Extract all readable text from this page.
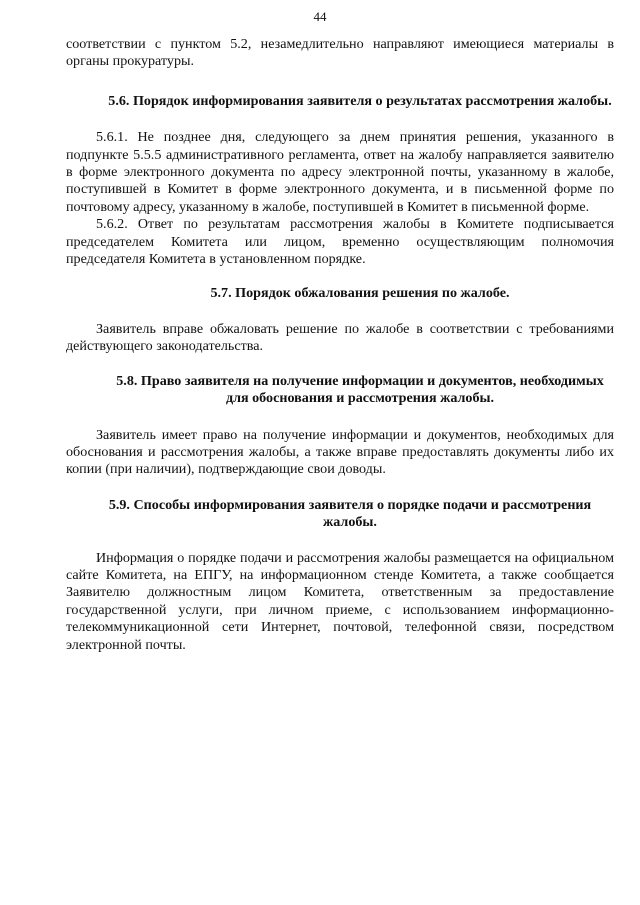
44

соответствии с пунктом 5.2, незамедлительно направляют имеющиеся материалы в органы прокуратуры.

5.6. Порядок информирования заявителя о результатах рассмотрения жалобы.

5.6.1. Не позднее дня, следующего за днем принятия решения, указанного в подпункте 5.5.5 административного регламента, ответ на жалобу направляется заявителю в форме электронного документа по адресу электронной почты, указанному в жалобе, поступившей в Комитет в форме электронного документа, и в письменной форме по почтовому адресу, указанному в жалобе, поступившей в Комитет в письменной форме.

5.6.2. Ответ по результатам рассмотрения жалобы в Комитете подписывается председателем Комитета или лицом, временно осуществляющим полномочия председателя Комитета в установленном порядке.

5.7. Порядок обжалования решения по жалобе.

Заявитель вправе обжаловать решение по жалобе в соответствии с требованиями действующего законодательства.

5.8. Право заявителя на получение информации и документов, необходимых для обоснования и рассмотрения жалобы.

Заявитель имеет право на получение информации и документов, необходимых для обоснования и рассмотрения жалобы, а также вправе предоставлять документы либо их копии (при наличии), подтверждающие свои доводы.

5.9. Способы информирования заявителя о порядке подачи и рассмотрения жалобы.

Информация о порядке подачи и рассмотрения жалобы размещается на официальном сайте Комитета, на ЕПГУ, на информационном стенде Комитета, а также сообщается Заявителю должностным лицом Комитета, ответственным за предоставление государственной услуги, при личном приеме, с использованием информационно-телекоммуникационной сети Интернет, почтовой, телефонной связи, посредством электронной почты.
